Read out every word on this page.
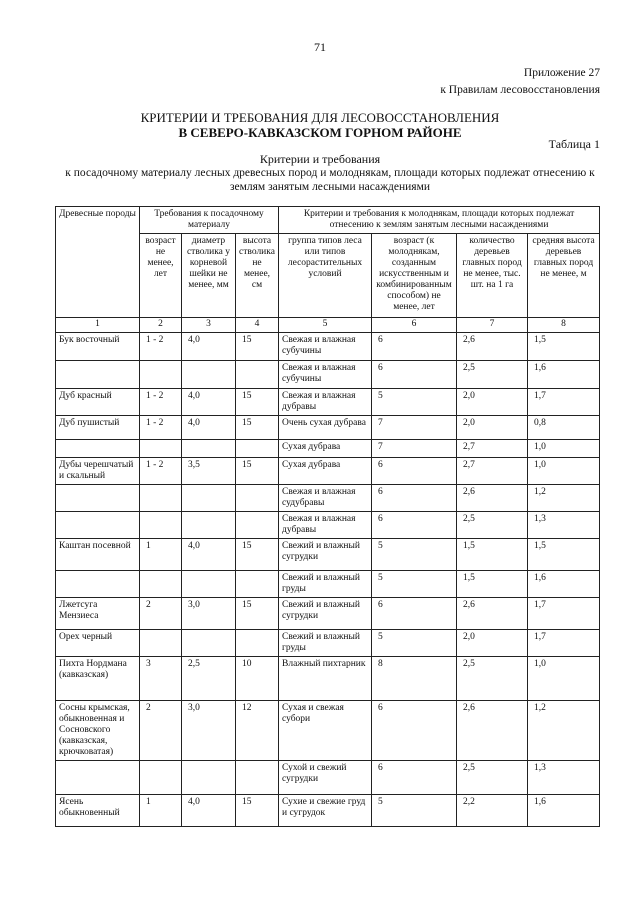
71
Приложение 27
к Правилам лесовосстановления
КРИТЕРИИ И ТРЕБОВАНИЯ ДЛЯ ЛЕСОВОССТАНОВЛЕНИЯ
В СЕВЕРО-КАВКАЗСКОМ ГОРНОМ РАЙОНЕ
Таблица 1
Критерии и требования
к посадочному материалу лесных древесных пород и молоднякам, площади которых подлежат отнесению к землям занятым лесными насаждениями
Древесные породы	Требования к посадочному материалу			Критерии и требования к молоднякам, площади которых подлежат отнесению к землям занятым лесными насаждениями			
	возраст не менее, лет	диаметр стволика у корневой шейки не менее, мм	высота стволика не менее, см	группа типов леса или типов лесорастительных условий	возраст (к молоднякам, созданным искусственным и комбинированным способом) не менее, лет	количество деревьев главных пород не менее, тыс. шт. на 1 га	средняя высота деревьев главных пород не менее, м
1	2	3	4	5	6	7	8
Бук восточный	1 - 2	4,0	15	Свежая и влажная субучины	6	2,6	1,5
				Свежая и влажная субучины	6	2,5	1,6
Дуб красный	1 - 2	4,0	15	Свежая и влажная дубравы	5	2,0	1,7
Дуб пушистый	1 - 2	4,0	15	Очень сухая дубрава	7	2,0	0,8
				Сухая дубрава	7	2,7	1,0
Дубы черешчатый и скальный	1 - 2	3,5	15	Сухая дубрава	6	2,7	1,0
				Свежая и влажная судубравы	6	2,6	1,2
				Свежая и влажная дубравы	6	2,5	1,3
Каштан посевной	1	4,0	15	Свежий и влажный сугрудки	5	1,5	1,5
				Свежий и влажный груды	5	1,5	1,6
Лжетсуга Мензиеса	2	3,0	15	Свежий и влажный сугрудки	6	2,6	1,7
Орех черный				Свежий и влажный груды	5	2,0	1,7
Пихта Нордмана (кавказская)	3	2,5	10	Влажный пихтарник	8	2,5	1,0
Сосны крымская, обыкновенная и Сосновского (кавказская, крючковатая)	2	3,0	12	Сухая и свежая субори	6	2,6	1,2
				Сухой и свежий сугрудки	6	2,5	1,3
Ясень обыкновенный	1	4,0	15	Сухие и свежие груд и сугрудок	5	2,2	1,6
